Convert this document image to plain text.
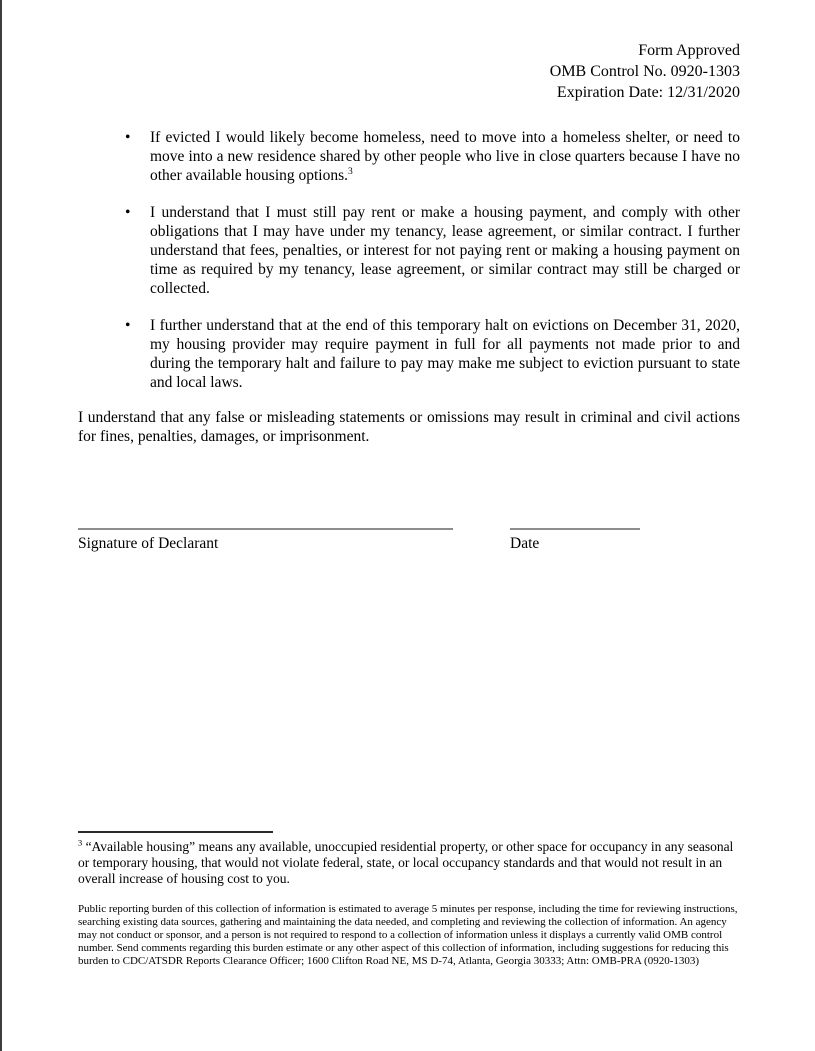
Form Approved
OMB Control No. 0920-1303
Expiration Date: 12/31/2020
• If evicted I would likely become homeless, need to move into a homeless shelter, or need to move into a new residence shared by other people who live in close quarters because I have no other available housing options.$^3$
• I understand that I must still pay rent or make a housing payment, and comply with other obligations that I may have under my tenancy, lease agreement, or similar contract. I further understand that fees, penalties, or interest for not paying rent or making a housing payment on time as required by my tenancy, lease agreement, or similar contract may still be charged or collected.
• I further understand that at the end of this temporary halt on evictions on December 31, 2020, my housing provider may require payment in full for all payments not made prior to and during the temporary halt and failure to pay may make me subject to eviction pursuant to state and local laws.

I understand that any false or misleading statements or omissions may result in criminal and civil actions for fines, penalties, damages, or imprisonment.

Signature of Declarant	Date

$^3$ “Available housing” means any available, unoccupied residential property, or other space for occupancy in any seasonal or temporary housing, that would not violate federal, state, or local occupancy standards and that would not result in an overall increase of housing cost to you.

Public reporting burden of this collection of information is estimated to average 5 minutes per response, including the time for reviewing instructions, searching existing data sources, gathering and maintaining the data needed, and completing and reviewing the collection of information. An agency may not conduct or sponsor, and a person is not required to respond to a collection of information unless it displays a currently valid OMB control number. Send comments regarding this burden estimate or any other aspect of this collection of information, including suggestions for reducing this burden to CDC/ATSDR Reports Clearance Officer; 1600 Clifton Road NE, MS D-74, Atlanta, Georgia 30333; Attn: OMB-PRA (0920-1303)
